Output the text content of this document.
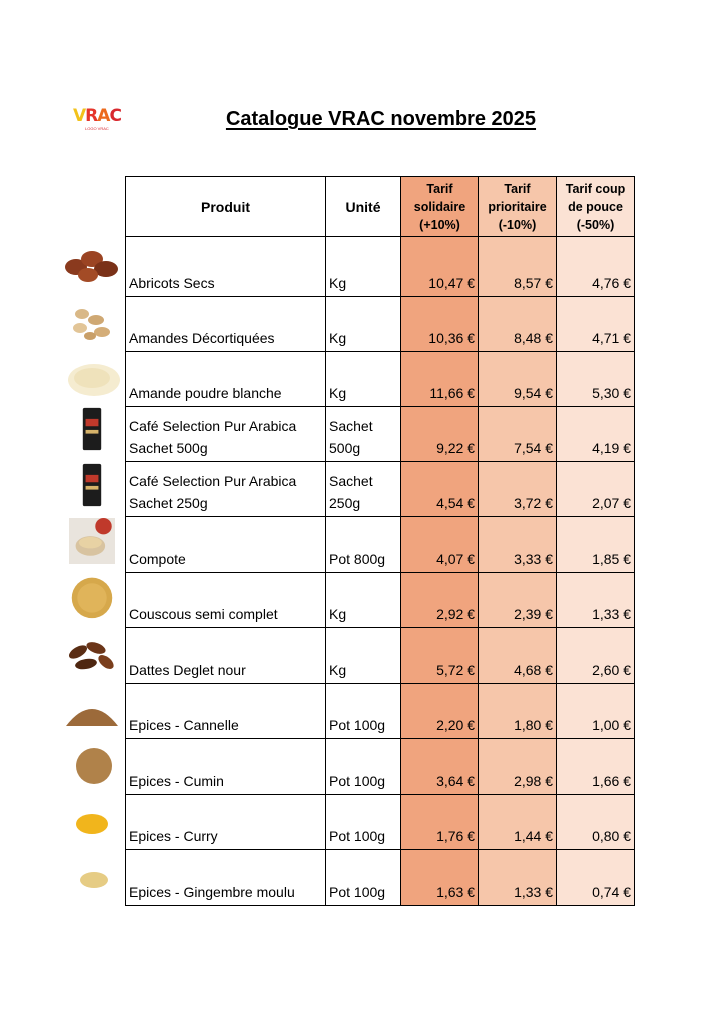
VRAC
LOGO VRAC	Catalogue VRAC novembre 2025
Produit	Unité	Tarif solidaire (+10%)	Tarif prioritaire (-10%)	Tarif coup de pouce (-50%)
Abricots Secs	Kg	10,47 €	8,57 €	4,76 €
Amandes Décortiquées	Kg	10,36 €	8,48 €	4,71 €
Amande poudre blanche	Kg	11,66 €	9,54 €	5,30 €
Café Selection Pur Arabica Sachet 500g	Sachet 500g	9,22 €	7,54 €	4,19 €
Café Selection Pur Arabica Sachet 250g	Sachet 250g	4,54 €	3,72 €	2,07 €
Compote	Pot 800g	4,07 €	3,33 €	1,85 €
Couscous semi complet	Kg	2,92 €	2,39 €	1,33 €
Dattes Deglet nour	Kg	5,72 €	4,68 €	2,60 €
Epices - Cannelle	Pot 100g	2,20 €	1,80 €	1,00 €
Epices - Cumin	Pot 100g	3,64 €	2,98 €	1,66 €
Epices - Curry	Pot 100g	1,76 €	1,44 €	0,80 €
Epices - Gingembre moulu	Pot 100g	1,63 €	1,33 €	0,74 €
